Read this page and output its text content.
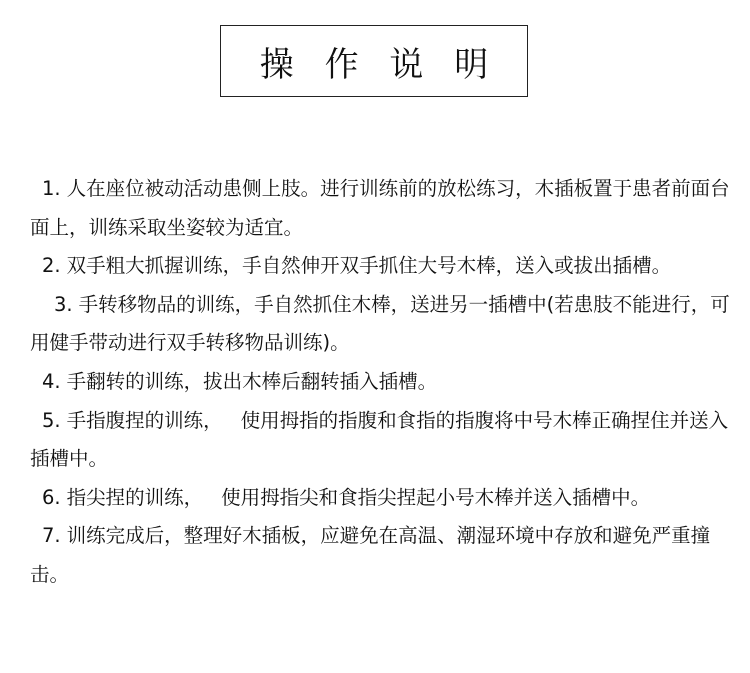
操 作 说 明
1. 人在座位被动活动患侧上肢。进行训练前的放松练习，木插板置于患者前面台面上，训练采取坐姿较为适宜。
2. 双手粗大抓握训练，手自然伸开双手抓住大号木棒，送入或拔出插槽。
3. 手转移物品的训练，手自然抓住木棒，送进另一插槽中(若患肢不能进行，可用健手带动进行双手转移物品训练)。
4. 手翻转的训练，拔出木棒后翻转插入插槽。
5. 手指腹捏的训练， 使用拇指的指腹和食指的指腹将中号木棒正确捏住并送入插槽中。
6. 指尖捏的训练， 使用拇指尖和食指尖捏起小号木棒并送入插槽中。
7. 训练完成后，整理好木插板，应避免在高温、潮湿环境中存放和避免严重撞击。
